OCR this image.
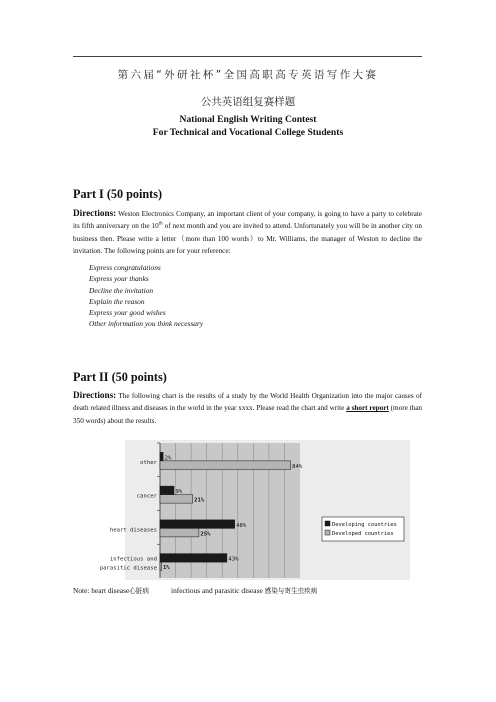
第六届“外研社杯”全国高职高专英语写作大赛
公共英语组复赛样题
National English Writing Contest
For Technical and Vocational College Students
Part I (50 points)
Directions: Weston Electronics Company, an important client of your company, is going to have a party to celebrate its fifth anniversary on the 10th of next month and you are invited to attend. Unfortunately you will be in another city on business then. Please write a letter（more than 100 words）to Mr. Williams, the manager of Weston to decline the invitation. The following points are for your reference:
Express congratulations
Express your thanks
Decline the invitation
Explain the reason
Express your good wishes
Other information you think necessary
Part II (50 points)
Directions: The following chart is the results of a study by the World Health Organization into the major causes of death related illness and diseases in the world in the year xxxx. Please read the chart and write a short report (more than 350 words) about the results.
other
2%
84%
cancer
9%
21%
heart diseases
48%
25%
infectious and
parasitic disease
43%
1%
Developing countries
Developed countries
Note: heart disease心脏病	infectious and parasitic disease 感染与寄生虫疾病
